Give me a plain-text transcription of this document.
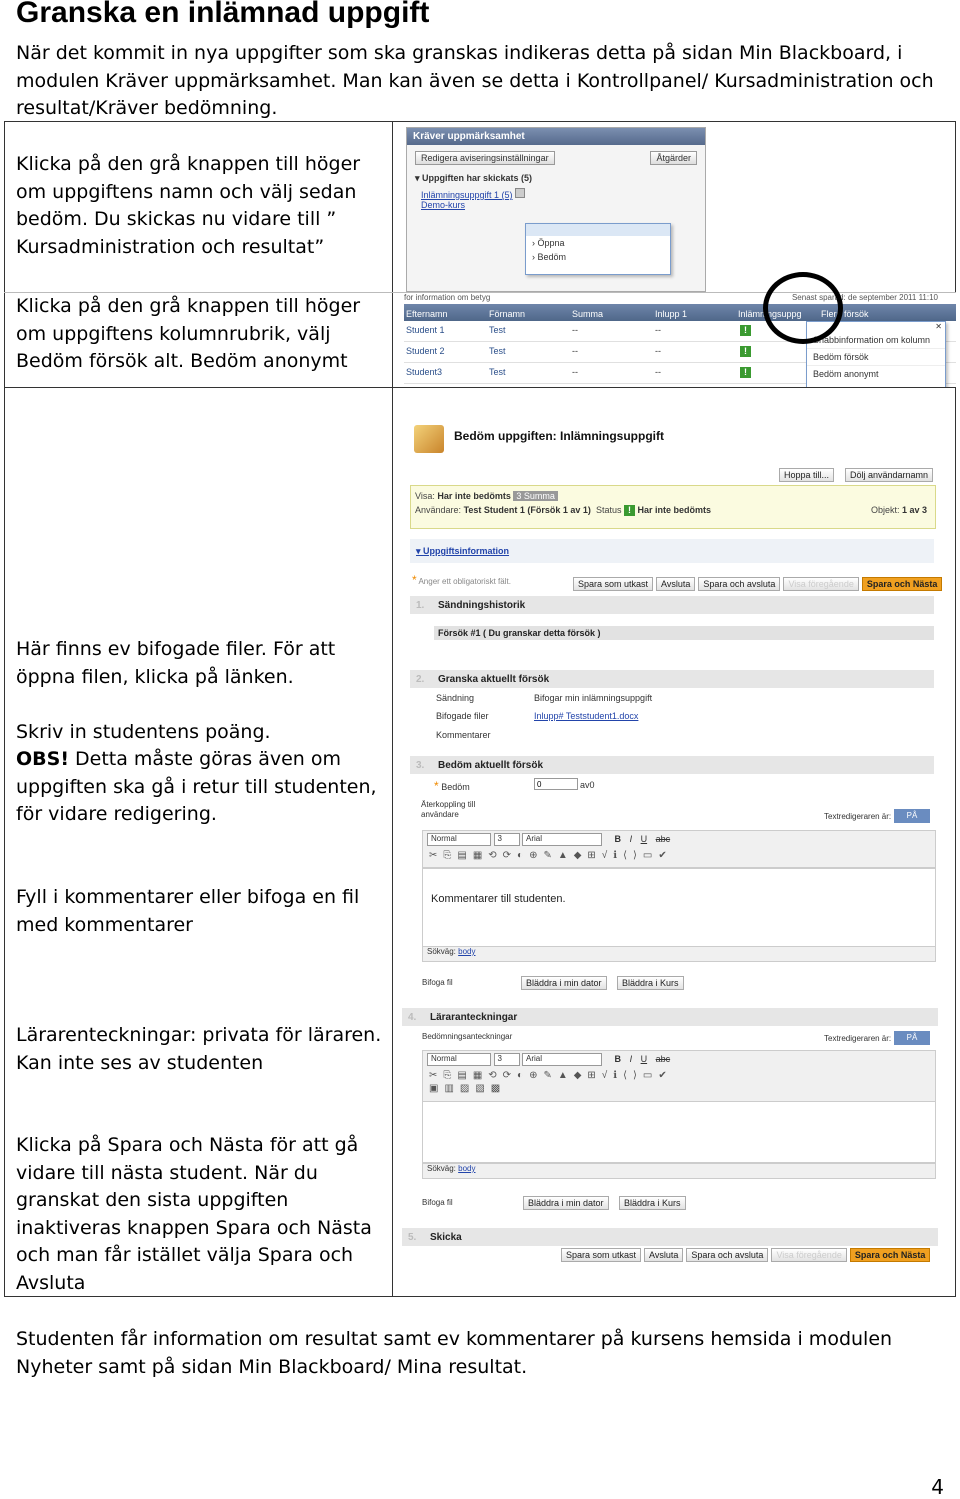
Granska en inlämnad uppgift
När det kommit in nya uppgifter som ska granskas indikeras detta på sidan Min Blackboard, i modulen Kräver uppmärksamhet. Man kan även se detta i Kontrollpanel/ Kursadministration och resultat/Kräver bedömning.
Klicka på den grå knappen till höger om uppgiftens namn och välj sedan bedöm. Du skickas nu vidare till ” Kursadministration och resultat”
Klicka på den grå knappen till höger om uppgiftens kolumnrubrik, välj Bedöm försök alt. Bedöm anonymt
Här finns ev bifogade filer. För att öppna filen, klicka på länken.
Skriv in studentens poäng.
OBS! Detta måste göras även om uppgiften ska gå i retur till studenten, för vidare redigering.
Fyll i kommentarer eller bifoga en fil med kommentarer
Lärarenteckningar: privata för läraren. Kan inte ses av studenten
Klicka på Spara och Nästa för att gå vidare till nästa student. När du granskat den sista uppgiften inaktiveras knappen Spara och Nästa och man får istället välja Spara och Avsluta
Kräver uppmärksamhet
Redigera aviseringsinställningar	Åtgärder
▾ Uppgiften har skickats (5)
Inlämningsuppgift 1 (5)
Demo-kurs
› Öppna
› Bedöm
for information om betyg	Senast sparad: de september 2011 11:10
Efternamn	Förnamn	Summa	Inlupp 1	Inlämningsuppg Flera försök
Student 1	Test	--	--	!
Student 2	Test	--	--	!
Student3	Test	--	--	!
✕
Snabbinformation om kolumn
Bedöm försök
Bedöm anonymt
Bedöm uppgiften: Inlämningsuppgift
Hoppa till...	Dölj användarnamn
Visa: Har inte bedömts 3 Summa
Användare: Test Student 1 (Försök 1 av 1) Status ! Har inte bedömts	Objekt: 1 av 3
▾ Uppgiftsinformation
* Anger ett obligatoriskt fält.	Spara som utkast Avsluta Spara och avsluta Visa föregående Spara och Nästa
1. Sändningshistorik
Försök #1 ( Du granskar detta försök )
2. Granska aktuellt försök
Sändning	Bifogar min inlämningsuppgift
Bifogade filer	Inlupp# Teststudent1.docx
Kommentarer
3. Bedöm aktuellt försök
* Bedöm
0	av0
Återkoppling till användare	Textredigeraren är:	PÅ
Normal	3	Arial	B I U abc
✂⎘▤▦⟲⟳◐⊕✎▲◆⊞√ℹ⟨⟩▭✔
Kommentarer till studenten.
Sökväg: body
Bifoga fil	Bläddra i min dator	Bläddra i Kurs
4. Läraranteckningar
Bedömningsanteckningar	Textredigeraren är:	PÅ
Normal	3	Arial	B I U abc
✂⎘▤▦⟲⟳◐⊕✎▲◆⊞√ℹ⟨⟩▭✔
▣▥▨▧▩
Sökväg: body
Bifoga fil	Bläddra i min dator	Bläddra i Kurs
5. Skicka
Spara som utkast Avsluta Spara och avsluta Visa föregående Spara och Nästa
Studenten får information om resultat samt ev kommentarer på kursens hemsida i modulen Nyheter samt på sidan Min Blackboard/ Mina resultat.
4
